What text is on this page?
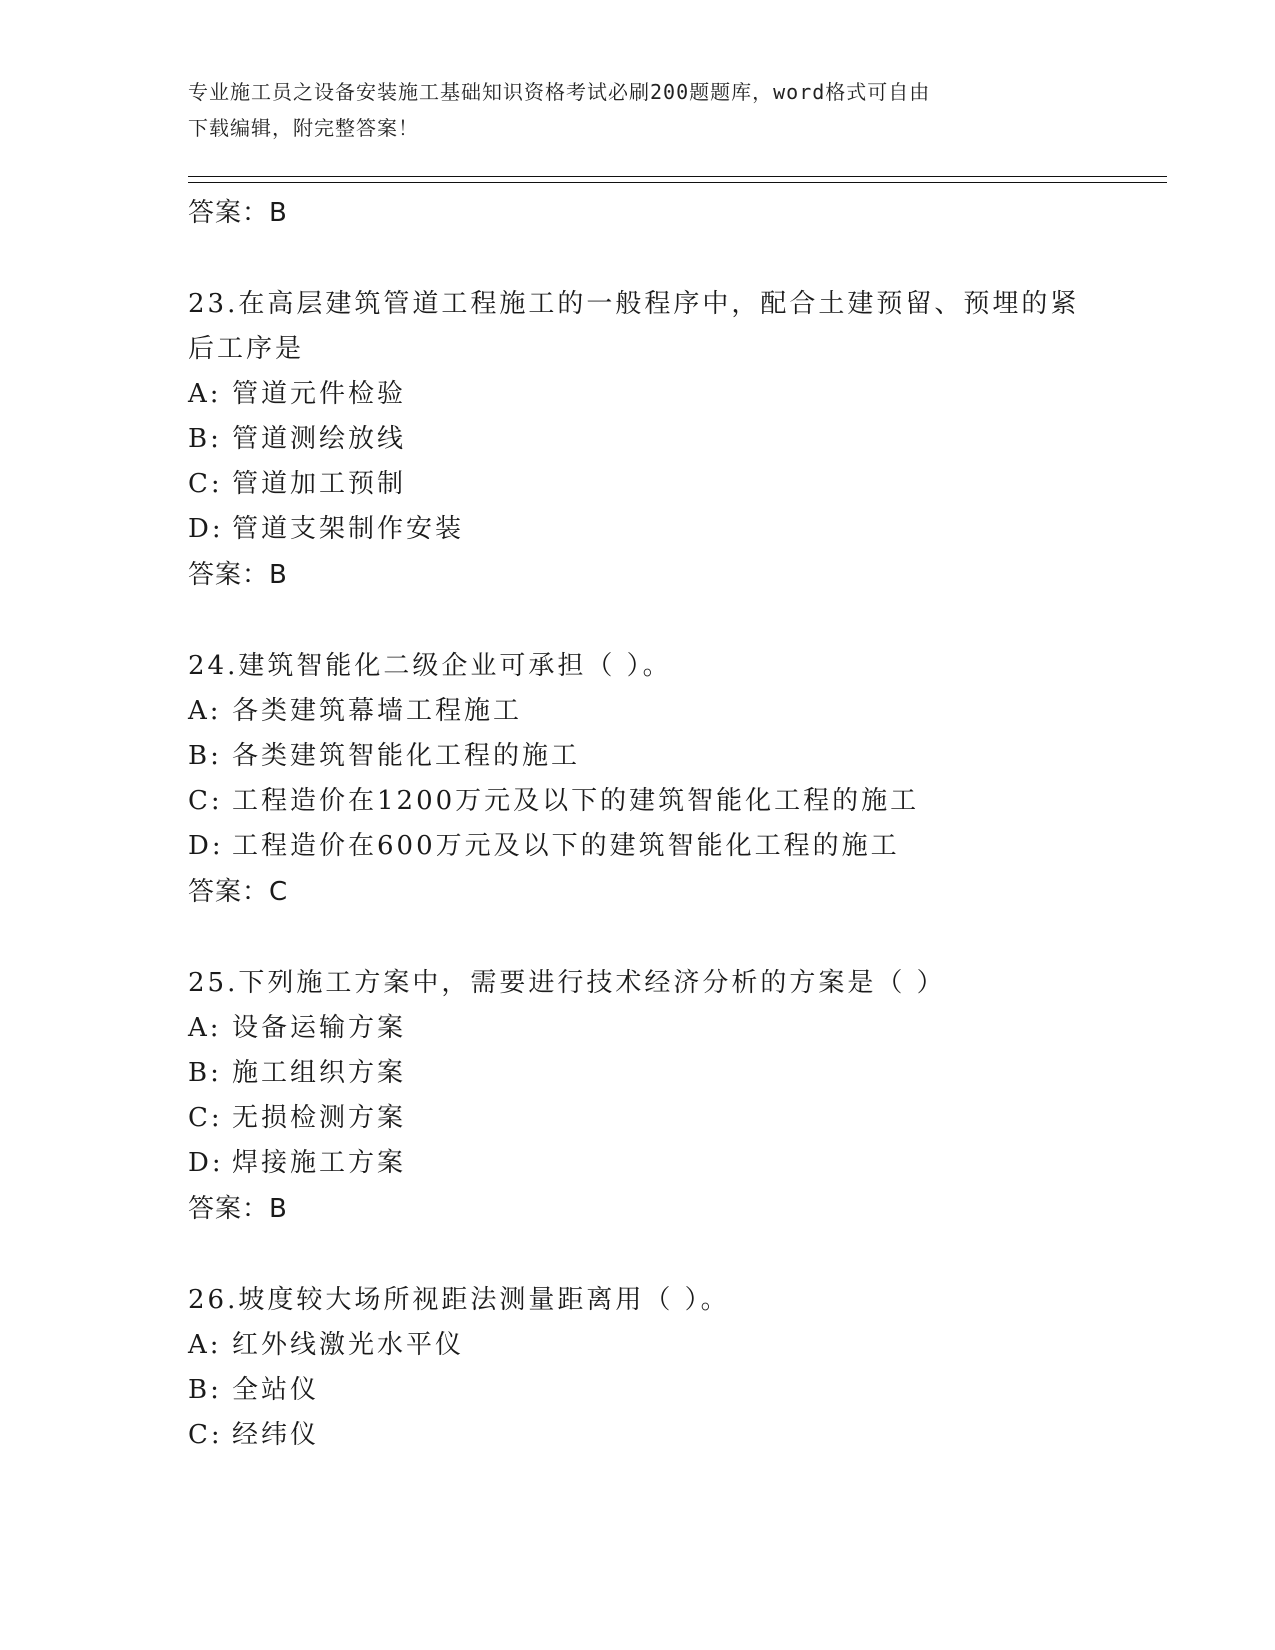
专业施工员之设备安装施工基础知识资格考试必刷200题题库，word格式可自由
下载编辑，附完整答案！
答案：B
23.在高层建筑管道工程施工的一般程序中，配合土建预留、预埋的紧
后工序是
A: 管道元件检验
B: 管道测绘放线
C: 管道加工预制
D: 管道支架制作安装
答案：B
24.建筑智能化二级企业可承担（ ）。
A: 各类建筑幕墙工程施工
B: 各类建筑智能化工程的施工
C: 工程造价在1200万元及以下的建筑智能化工程的施工
D: 工程造价在600万元及以下的建筑智能化工程的施工
答案：C
25.下列施工方案中，需要进行技术经济分析的方案是（ ）
A: 设备运输方案
B: 施工组织方案
C: 无损检测方案
D: 焊接施工方案
答案：B
26.坡度较大场所视距法测量距离用（ ）。
A: 红外线激光水平仪
B: 全站仪
C: 经纬仪
